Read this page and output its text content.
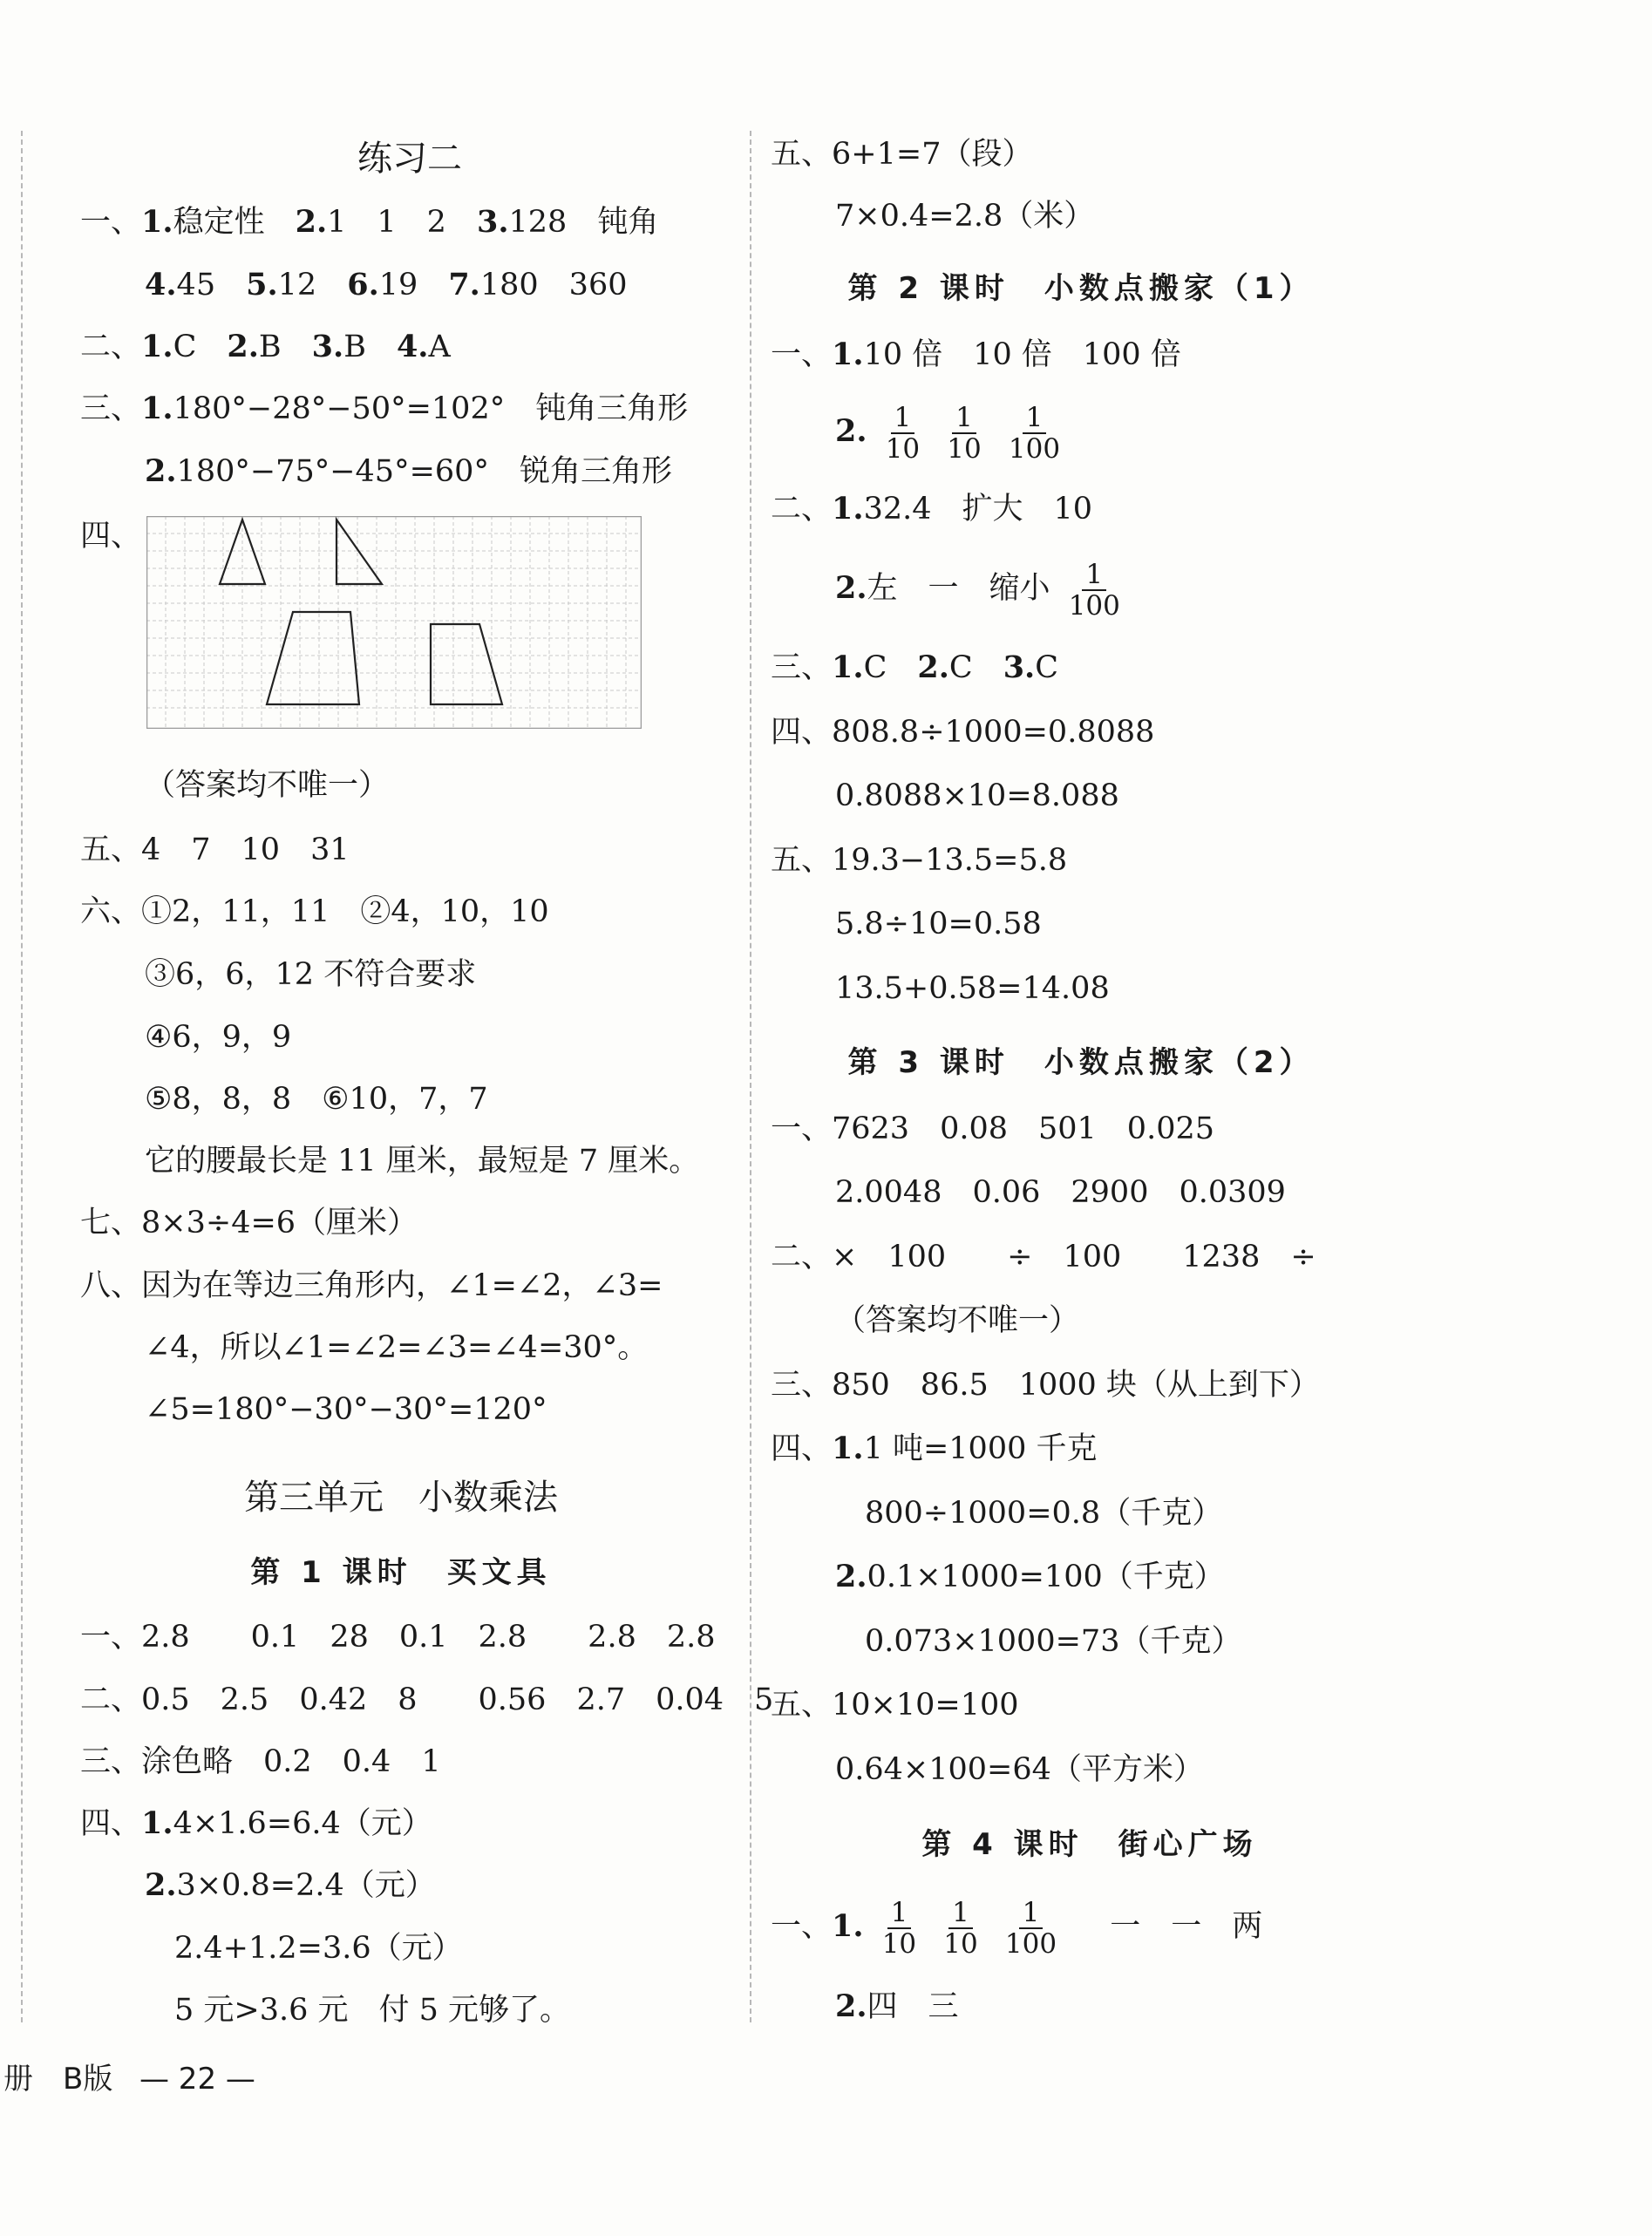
练习二
一、1.稳定性　 2.1　1　2　 3.128　钝角
4.45　 5.12　 6.19　 7.180　360
二、1.C　 2.B　 3.B　 4.A
三、1.180°−28°−50°=102°　钝角三角形
2.180°−75°−45°=60°　锐角三角形
四、
（答案均不唯一）
五、4　7　10　31
六、①2，11，11　②4，10，10
③6，6，12 不符合要求
④6，9，9
⑤8，8，8　⑥10，7，7
它的腰最长是 11 厘米，最短是 7 厘米。
七、8×3÷4=6（厘米）
八、因为在等边三角形内，∠1=∠2，∠3=
∠4，所以∠1=∠2=∠3=∠4=30°。
∠5=180°−30°−30°=120°
第三单元　小数乘法
第 1 课时　买文具
一、2.8　　0.1　28　0.1　2.8　　2.8　2.8
二、0.5　2.5　0.42　8　　0.56　2.7　0.04　5
三、涂色略　0.2　0.4　1
四、1.4×1.6=6.4（元）
2.3×0.8=2.4（元）
2.4+1.2=3.6（元）
5 元>3.6 元　付 5 元够了。
五、6+1=7（段）
7×0.4=2.8（米）
第 2 课时　小数点搬家（1）
一、1.10 倍　10 倍　100 倍
2. $\frac{1}{10}$
$\frac{1}{10}$
$\frac{1}{100}$
二、1.32.4　扩大　10
2.左　一　缩小 $\frac{1}{100}$
三、1.C　 2.C　 3.C
四、808.8÷1000=0.8088
0.8088×10=8.088
五、19.3−13.5=5.8
5.8÷10=0.58
13.5+0.58=14.08
第 3 课时　小数点搬家（2）
一、7623　0.08　501　0.025
2.0048　0.06　2900　0.0309
二、×　100　　÷　100　　1238　÷
（答案均不唯一）
三、850　86.5　1000 块（从上到下）
四、1.1 吨=1000 千克
800÷1000=0.8（千克）
2.0.1×1000=100（千克）
0.073×1000=73（千克）
五、10×10=100
0.64×100=64（平方米）
第 4 课时　街心广场
一、1. $\frac{1}{10}$
$\frac{1}{10}$
$\frac{1}{100}$ 一　一　两
2.四　三
册　B版 — 22 —
